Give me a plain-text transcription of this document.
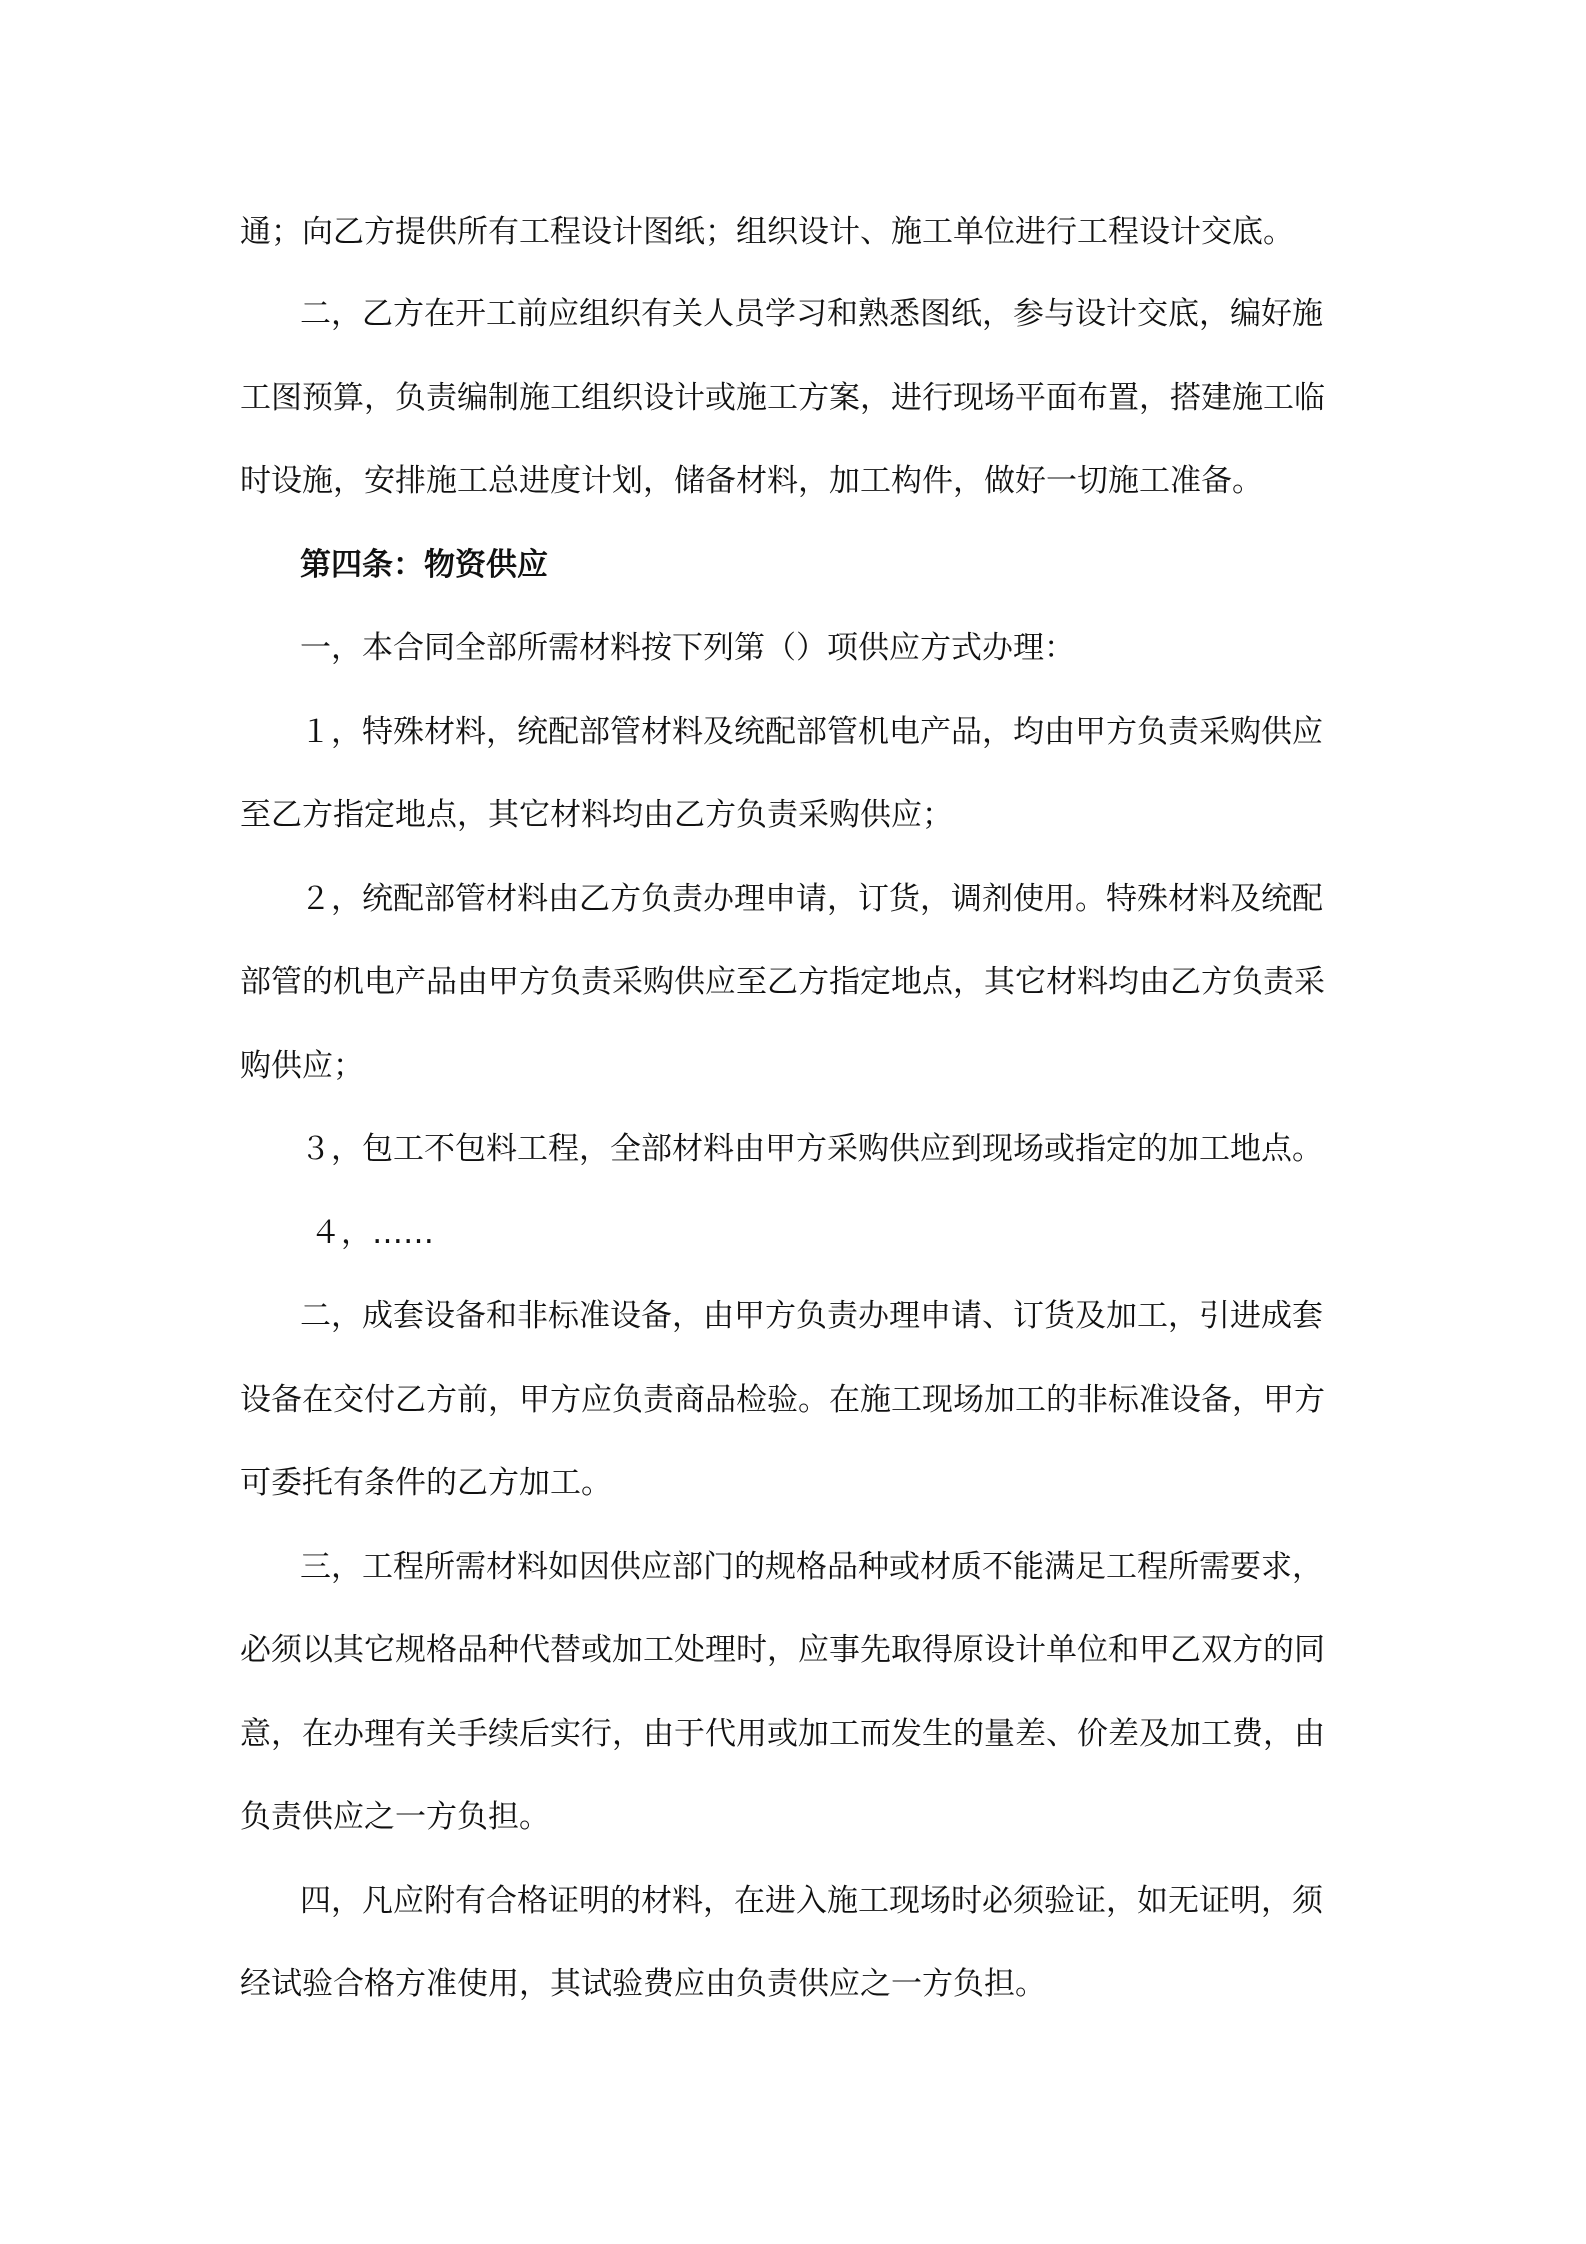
通；向乙方提供所有工程设计图纸；组织设计、施工单位进行工程设计交底。

二，乙方在开工前应组织有关人员学习和熟悉图纸，参与设计交底，编好施

工图预算，负责编制施工组织设计或施工方案，进行现场平面布置，搭建施工临

时设施，安排施工总进度计划，储备材料，加工构件，做好一切施工准备。

第四条：物资供应

一，本合同全部所需材料按下列第（）项供应方式办理：

１，特殊材料，统配部管材料及统配部管机电产品，均由甲方负责采购供应

至乙方指定地点，其它材料均由乙方负责采购供应；

２，统配部管材料由乙方负责办理申请，订货，调剂使用。特殊材料及统配

部管的机电产品由甲方负责采购供应至乙方指定地点，其它材料均由乙方负责采

购供应；

３，包工不包料工程，全部材料由甲方采购供应到现场或指定的加工地点。

４，……

二，成套设备和非标准设备，由甲方负责办理申请、订货及加工，引进成套

设备在交付乙方前，甲方应负责商品检验。在施工现场加工的非标准设备，甲方

可委托有条件的乙方加工。

三，工程所需材料如因供应部门的规格品种或材质不能满足工程所需要求，

必须以其它规格品种代替或加工处理时，应事先取得原设计单位和甲乙双方的同

意，在办理有关手续后实行，由于代用或加工而发生的量差、价差及加工费，由

负责供应之一方负担。

四，凡应附有合格证明的材料，在进入施工现场时必须验证，如无证明，须

经试验合格方准使用，其试验费应由负责供应之一方负担。
